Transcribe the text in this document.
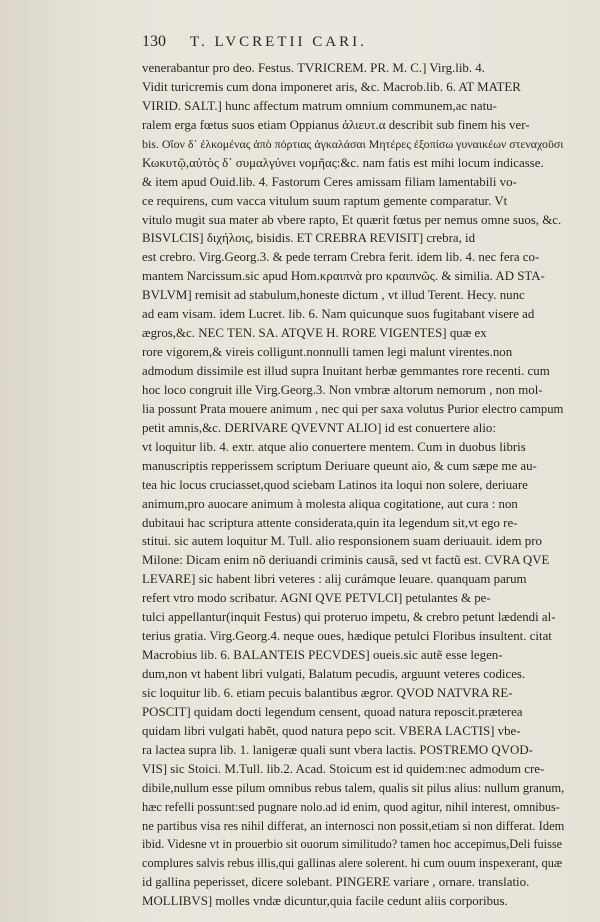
130	T. LVCRETII CARI.

venerabantur pro deo. Festus. TVRICREM. PR. M. C.] Virg.lib. 4.

Vidit turicremis cum dona imponeret aris, &c. Macrob.lib. 6. AT MATER

VIRID. SALT.] hunc affectum matrum omnium communem,ac natu-

ralem erga fœtus suos etiam Oppianus ἁλιευτ.α describit sub finem his ver-

bis. Οἵον δ᾽ ἐλκομένας ἀπὸ πόρτιας ἀγκαλάσαι Μητέρες ἐξοπίσω γυναικέων στεναχοῦσι

Κωκυτῷ,αὐτὸς δ᾽ συμαλγύνει νομῆας:&c. nam fatis est mihi locum indicasse.

& item apud Ouid.lib. 4. Fastorum Ceres amissam filiam lamentabili vo-

ce requirens, cum vacca vitulum suum raptum gemente comparatur. Vt

vitulo mugit sua mater ab vbere rapto, Et quærit fœtus per nemus omne suos, &c.

BISVLCIS] διχήλοις, bisidis. ET CREBRA REVISIT] crebra, id

est crebro. Virg.Georg.3. & pede terram Crebra ferit. idem lib. 4. nec fera co-

mantem Narcissum.sic apud Hom.κραιπνὰ pro κραιπνῶς. & similia. AD STA-

BVLVM] remisit ad stabulum,honeste dictum , vt illud Terent. Hecy. nunc

ad eam visam. idem Lucret. lib. 6. Nam quicunque suos fugitabant visere ad

ægros,&c. NEC TEN. SA. ATQVE H. RORE VIGENTES] quæ ex

rore vigorem,& vireis colligunt.nonnulli tamen legi malunt virentes.non

admodum dissimile est illud supra Inuitant herbæ gemmantes rore recenti. cum

hoc loco congruit ille Virg.Georg.3. Non vmbræ altorum nemorum , non mol-

lia possunt Prata mouere animum , nec qui per saxa volutus Purior electro campum

petit amnis,&c. DERIVARE QVEVNT ALIO] id est conuertere alio:

vt loquitur lib. 4. extr. atque alio conuertere mentem. Cum in duobus libris

manuscriptis repperissem scriptum Deriuare queunt aio, & cum sæpe me au-

tea hic locus cruciasset,quod sciebam Latinos ita loqui non solere, deriuare

animum,pro auocare animum à molesta aliqua cogitatione, aut cura : non

dubitaui hac scriptura attente considerata,quin ita legendum sit,vt ego re-

stitui. sic autem loquitur M. Tull. alio responsionem suam deriuauit. idem pro

Milone: Dicam enim nõ deriuandi criminis causâ, sed vt factũ est. CVRA QVE

LEVARE] sic habent libri veteres : alij curámque leuare. quanquam parum

refert vtro modo scribatur. AGNI QVE PETVLCI] petulantes & pe-

tulci appellantur(inquit Festus) qui proteruo impetu, & crebro petunt lædendi al-

terius gratia. Virg.Georg.4. neque oues, hædique petulci Floribus insultent. citat

Macrobius lib. 6. BALANTEIS PECVDES] oueis.sic autẽ esse legen-

dum,non vt habent libri vulgati, Balatum pecudis, arguunt veteres codices.

sic loquitur lib. 6. etiam pecuis balantibus ægror. QVOD NATVRA RE-

POSCIT] quidam docti legendum censent, quoad natura reposcit.præterea

quidam libri vulgati habẽt, quod natura pepo scit. VBERA LACTIS] vbe-

ra lactea supra lib. 1. lanigeræ quali sunt vbera lactis. POSTREMO QVOD-

VIS] sic Stoici. M.Tull. lib.2. Acad. Stoicum est id quidem:nec admodum cre-

dibile,nullum esse pilum omnibus rebus talem, qualis sit pilus alius: nullum granum,

hæc refelli possunt:sed pugnare nolo.ad id enim, quod agitur, nihil interest, omnibus-

ne partibus visa res nihil differat, an internosci non possit,etiam si non differat. Idem

ibid. Videsne vt in prouerbio sit ouorum similitudo? tamen hoc accepimus,Deli fuisse

complures salvis rebus illis,qui gallinas alere solerent. hi cum ouum inspexerant, quæ

id gallina peperisset, dicere solebant. PINGERE variare , ornare. translatio.

MOLLIBVS] molles vndæ dicuntur,quia facile cedunt aliis corporibus.
